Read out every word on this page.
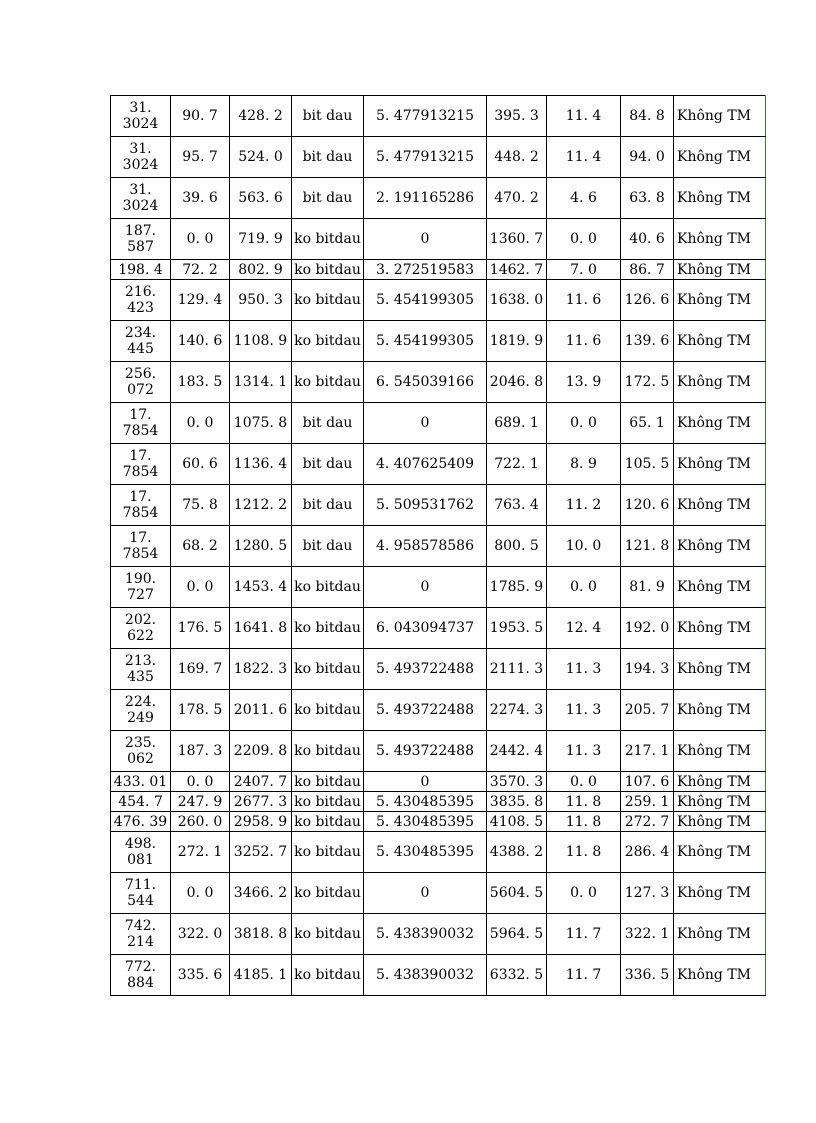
31.
3024	90. 7	428. 2	bit dau	5. 477913215	395. 3	11. 4	84. 8	Không TM
31.
3024	95. 7	524. 0	bit dau	5. 477913215	448. 2	11. 4	94. 0	Không TM
31.
3024	39. 6	563. 6	bit dau	2. 191165286	470. 2	4. 6	63. 8	Không TM
187.
587	0. 0	719. 9	ko bitdau	0	1360. 7	0. 0	40. 6	Không TM
198. 4	72. 2	802. 9	ko bitdau	3. 272519583	1462. 7	7. 0	86. 7	Không TM
216.
423	129. 4	950. 3	ko bitdau	5. 454199305	1638. 0	11. 6	126. 6	Không TM
234.
445	140. 6	1108. 9	ko bitdau	5. 454199305	1819. 9	11. 6	139. 6	Không TM
256.
072	183. 5	1314. 1	ko bitdau	6. 545039166	2046. 8	13. 9	172. 5	Không TM
17.
7854	0. 0	1075. 8	bit dau	0	689. 1	0. 0	65. 1	Không TM
17.
7854	60. 6	1136. 4	bit dau	4. 407625409	722. 1	8. 9	105. 5	Không TM
17.
7854	75. 8	1212. 2	bit dau	5. 509531762	763. 4	11. 2	120. 6	Không TM
17.
7854	68. 2	1280. 5	bit dau	4. 958578586	800. 5	10. 0	121. 8	Không TM
190.
727	0. 0	1453. 4	ko bitdau	0	1785. 9	0. 0	81. 9	Không TM
202.
622	176. 5	1641. 8	ko bitdau	6. 043094737	1953. 5	12. 4	192. 0	Không TM
213.
435	169. 7	1822. 3	ko bitdau	5. 493722488	2111. 3	11. 3	194. 3	Không TM
224.
249	178. 5	2011. 6	ko bitdau	5. 493722488	2274. 3	11. 3	205. 7	Không TM
235.
062	187. 3	2209. 8	ko bitdau	5. 493722488	2442. 4	11. 3	217. 1	Không TM
433. 01	0. 0	2407. 7	ko bitdau	0	3570. 3	0. 0	107. 6	Không TM
454. 7	247. 9	2677. 3	ko bitdau	5. 430485395	3835. 8	11. 8	259. 1	Không TM
476. 39	260. 0	2958. 9	ko bitdau	5. 430485395	4108. 5	11. 8	272. 7	Không TM
498.
081	272. 1	3252. 7	ko bitdau	5. 430485395	4388. 2	11. 8	286. 4	Không TM
711.
544	0. 0	3466. 2	ko bitdau	0	5604. 5	0. 0	127. 3	Không TM
742.
214	322. 0	3818. 8	ko bitdau	5. 438390032	5964. 5	11. 7	322. 1	Không TM
772.
884	335. 6	4185. 1	ko bitdau	5. 438390032	6332. 5	11. 7	336. 5	Không TM
